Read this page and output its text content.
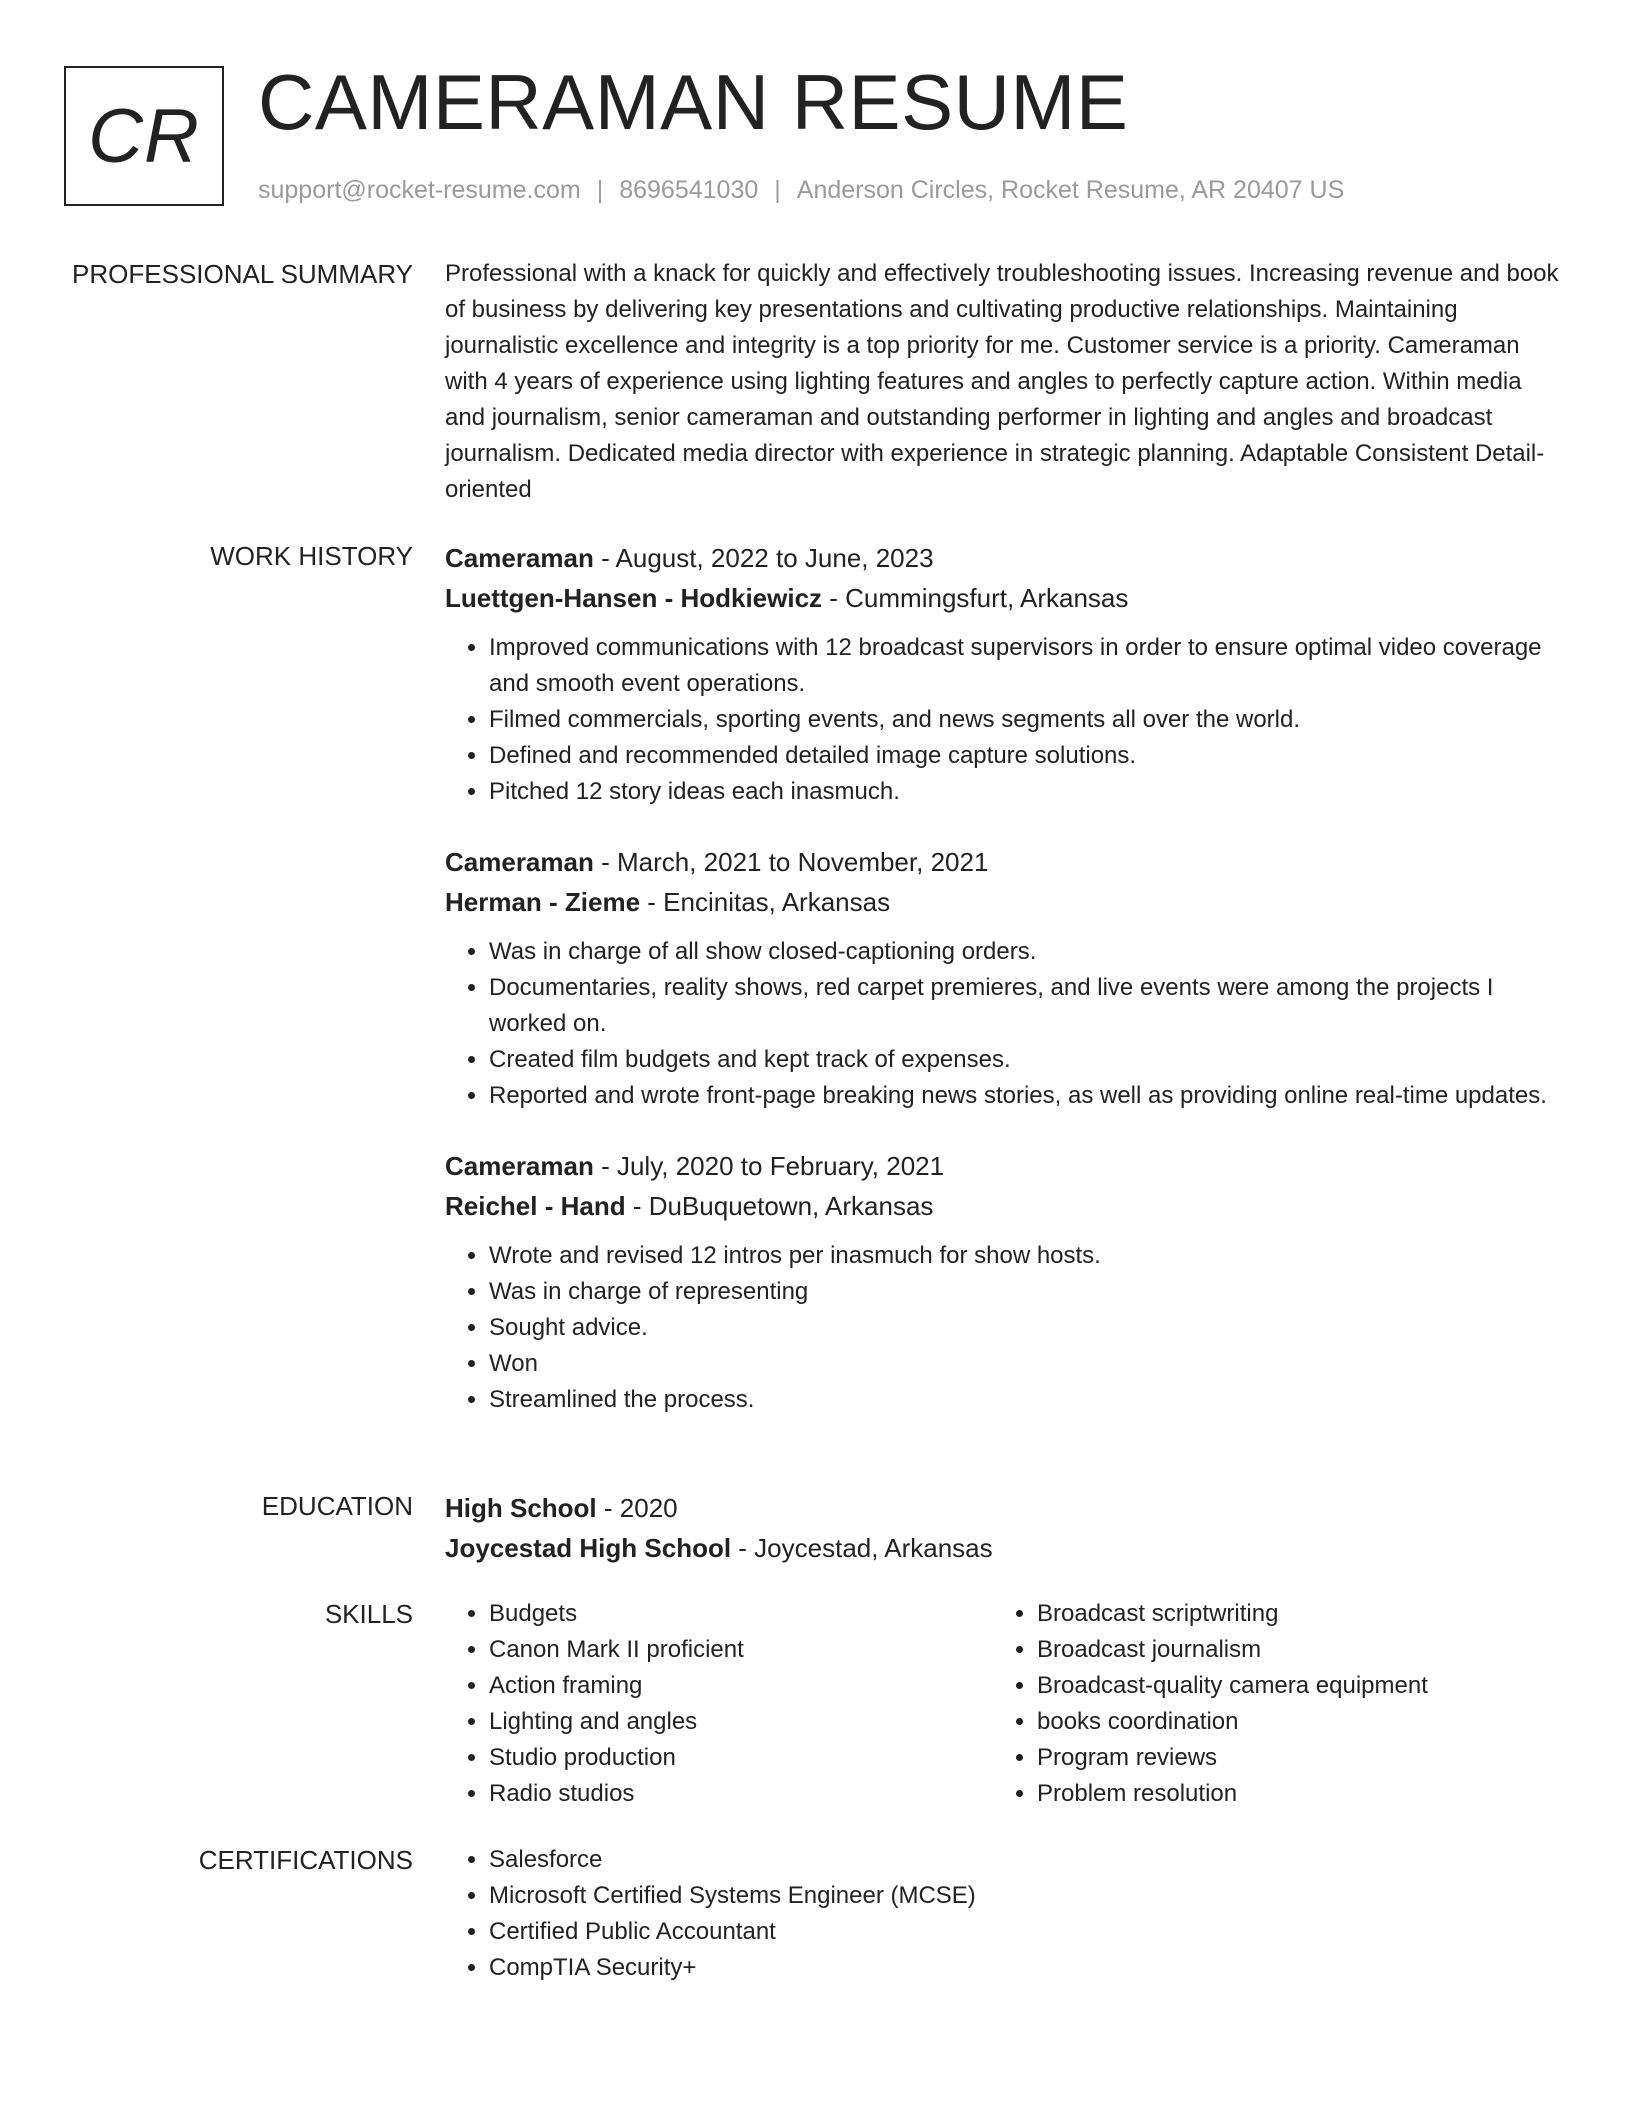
CR CAMERAMAN RESUME
support@rocket-resume.com | 8696541030 | Anderson Circles, Rocket Resume, AR 20407 US
PROFESSIONAL SUMMARY Professional with a knack for quickly and effectively troubleshooting issues. Increasing revenue and book of business by delivering key presentations and cultivating productive relationships. Maintaining journalistic excellence and integrity is a top priority for me. Customer service is a priority. Cameraman with 4 years of experience using lighting features and angles to perfectly capture action. Within media and journalism, senior cameraman and outstanding performer in lighting and angles and broadcast journalism. Dedicated media director with experience in strategic planning. Adaptable Consistent Detail-oriented

WORK HISTORY Cameraman - August, 2022 to June, 2023
Luettgen-Hansen - Hodkiewicz - Cummingsfurt, Arkansas
• Improved communications with 12 broadcast supervisors in order to ensure optimal video coverage and smooth event operations.
• Filmed commercials, sporting events, and news segments all over the world.
• Defined and recommended detailed image capture solutions.
• Pitched 12 story ideas each inasmuch.
Cameraman - March, 2021 to November, 2021
Herman - Zieme - Encinitas, Arkansas
• Was in charge of all show closed-captioning orders.
• Documentaries, reality shows, red carpet premieres, and live events were among the projects I worked on.
• Created film budgets and kept track of expenses.
• Reported and wrote front-page breaking news stories, as well as providing online real-time updates.
Cameraman - July, 2020 to February, 2021
Reichel - Hand - DuBuquetown, Arkansas
• Wrote and revised 12 intros per inasmuch for show hosts.
• Was in charge of representing
• Sought advice.
• Won
• Streamlined the process.
EDUCATION High School - 2020
Joycestad High School - Joycestad, Arkansas
SKILLS	• Budgets
• Canon Mark II proficient
• Action framing
• Lighting and angles
• Studio production
• Radio studios
• Broadcast scriptwriting
• Broadcast journalism
• Broadcast-quality camera equipment
• books coordination
• Program reviews
• Problem resolution
CERTIFICATIONS	• Salesforce
• Microsoft Certified Systems Engineer (MCSE)
• Certified Public Accountant
• CompTIA Security+
